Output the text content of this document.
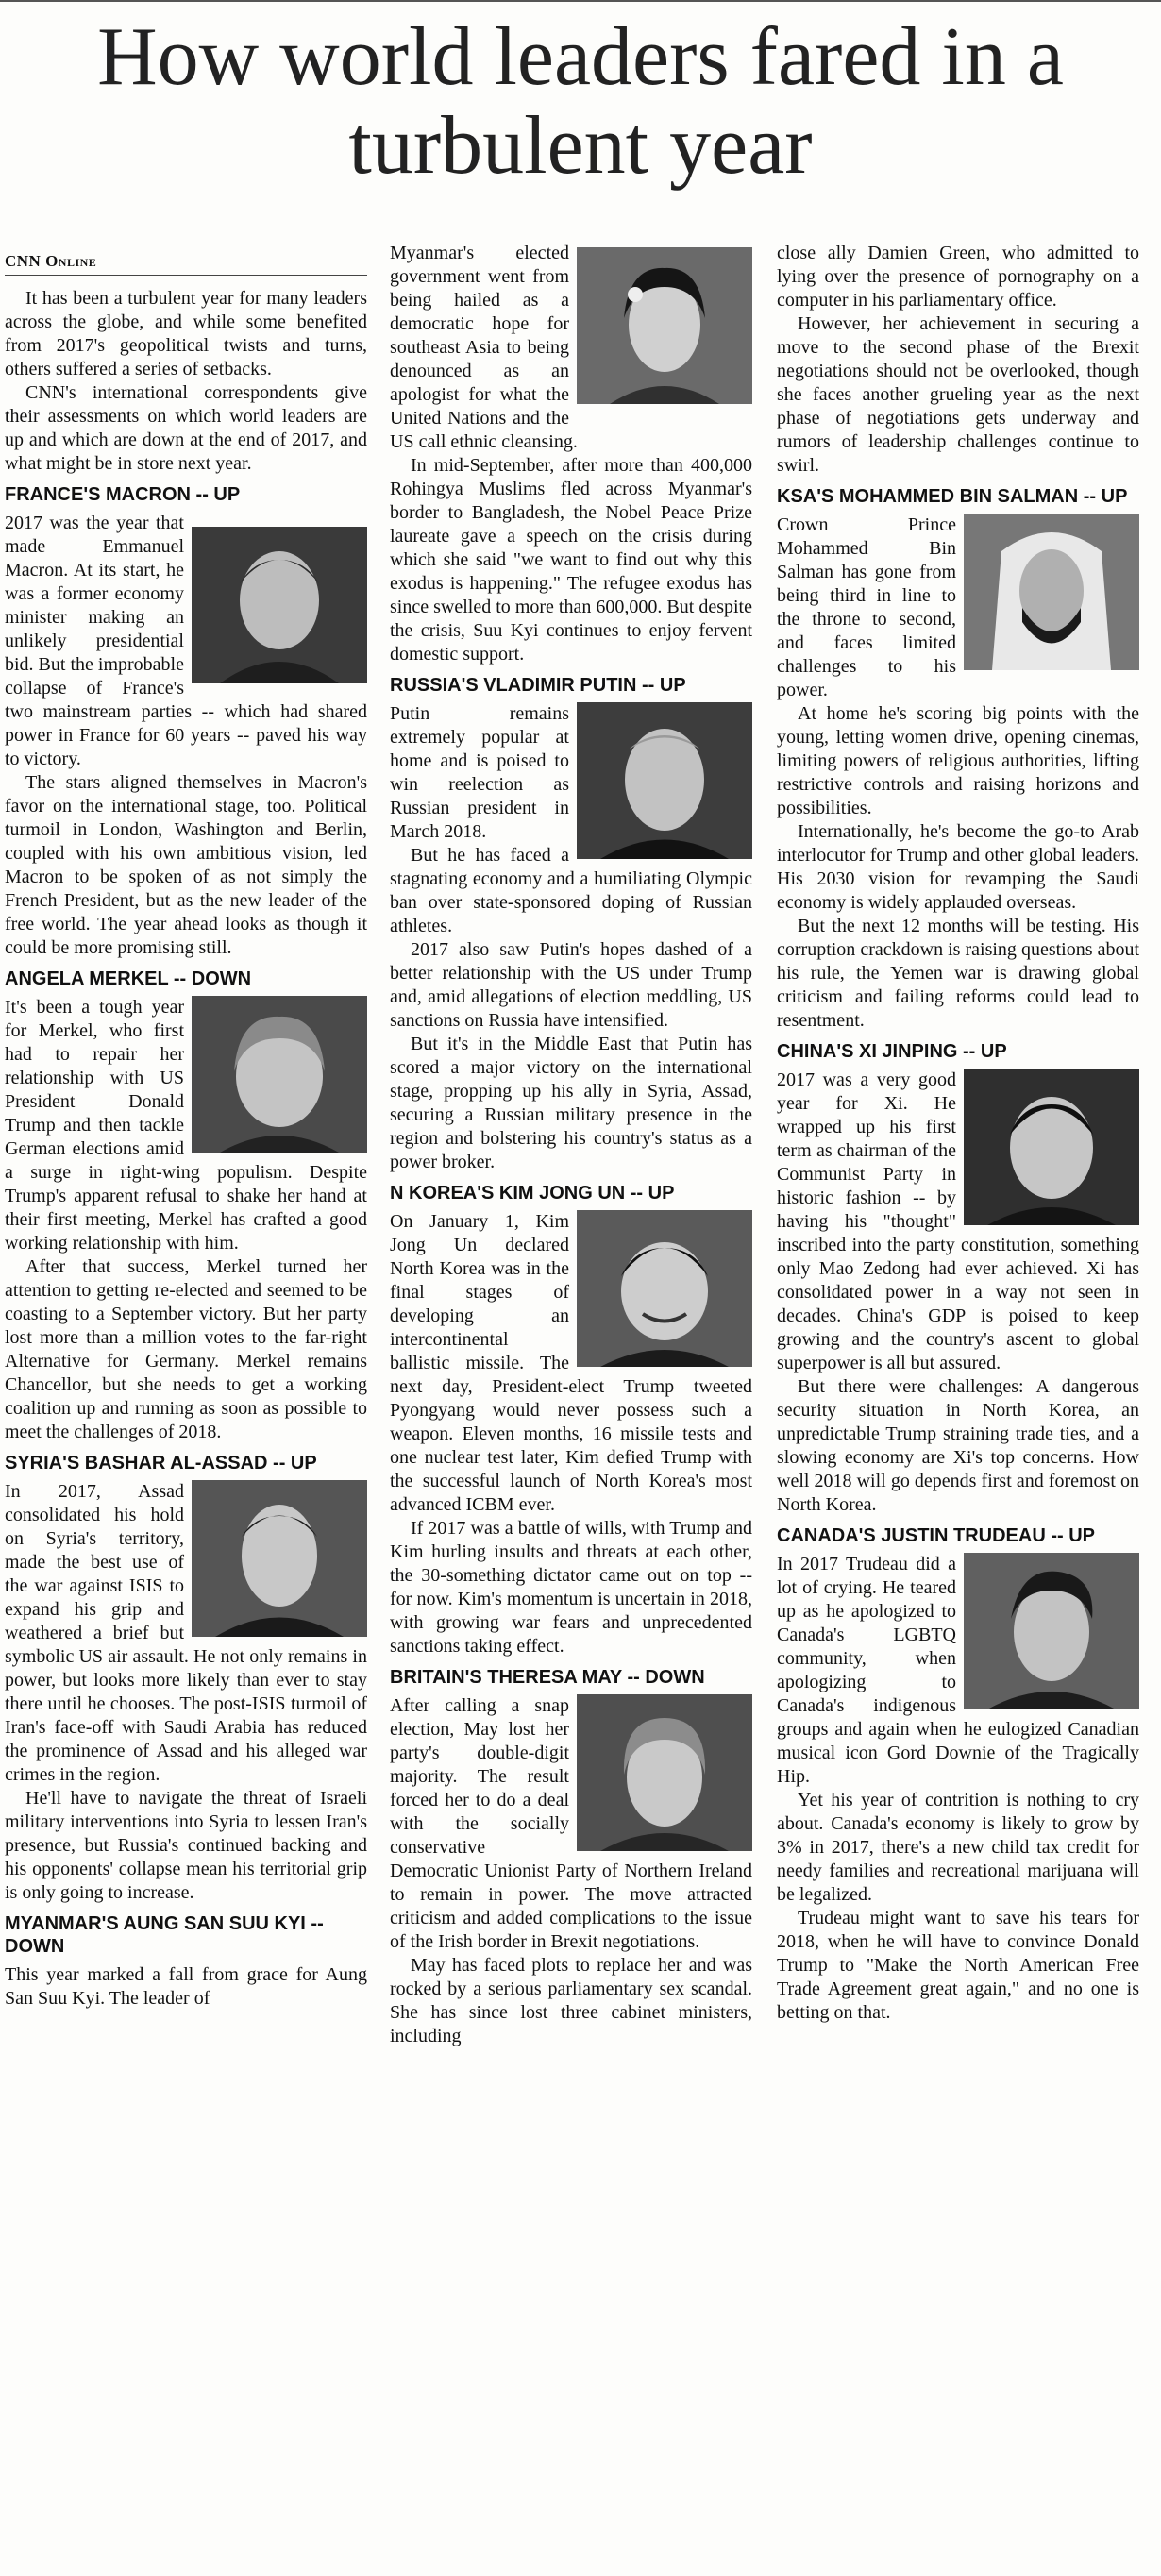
How world leaders fared in a turbulent year
CNN Online

It has been a turbulent year for many leaders across the globe, and while some benefited from 2017's geopolitical twists and turns, others suffered a series of setbacks.

CNN's international correspondents give their assessments on which world leaders are up and which are down at the end of 2017, and what might be in store next year.

FRANCE'S MACRON -- UP

2017 was the year that made Emmanuel Macron. At its start, he was a former economy minister making an unlikely presidential bid. But the improbable collapse of France's two mainstream parties -- which had shared power in France for 60 years -- paved his way to victory.

The stars aligned themselves in Macron's favor on the international stage, too. Political turmoil in London, Washington and Berlin, coupled with his own ambitious vision, led Macron to be spoken of as not simply the French President, but as the new leader of the free world. The year ahead looks as though it could be more promising still.

ANGELA MERKEL -- DOWN

It's been a tough year for Merkel, who first had to repair her relationship with US President Donald Trump and then tackle German elections amid a surge in right-wing populism. Despite Trump's apparent refusal to shake her hand at their first meeting, Merkel has crafted a good working relationship with him.

After that success, Merkel turned her attention to getting re-elected and seemed to be coasting to a September victory. But her party lost more than a million votes to the far-right Alternative for Germany. Merkel remains Chancellor, but she needs to get a working coalition up and running as soon as possible to meet the challenges of 2018.

SYRIA'S BASHAR AL-ASSAD -- UP

In 2017, Assad consolidated his hold on Syria's territory, made the best use of the war against ISIS to expand his grip and weathered a brief but symbolic US air assault. He not only remains in power, but looks more likely than ever to stay there until he chooses. The post-ISIS turmoil of Iran's face-off with Saudi Arabia has reduced the prominence of Assad and his alleged war crimes in the region.

He'll have to navigate the threat of Israeli military interventions into Syria to lessen Iran's presence, but Russia's continued backing and his opponents' collapse mean his territorial grip is only going to increase.

MYANMAR'S AUNG SAN SUU KYI -- DOWN

This year marked a fall from grace for Aung San Suu Kyi. The leader of

Myanmar's elected government went from being hailed as a democratic hope for southeast Asia to being denounced as an apologist for what the United Nations and the US call ethnic cleansing.

In mid-September, after more than 400,000 Rohingya Muslims fled across Myanmar's border to Bangladesh, the Nobel Peace Prize laureate gave a speech on the crisis during which she said "we want to find out why this exodus is happening." The refugee exodus has since swelled to more than 600,000. But despite the crisis, Suu Kyi continues to enjoy fervent domestic support.

RUSSIA'S VLADIMIR PUTIN -- UP

Putin remains extremely popular at home and is poised to win reelection as Russian president in March 2018.

But he has faced a stagnating economy and a humiliating Olympic ban over state-sponsored doping of Russian athletes.

2017 also saw Putin's hopes dashed of a better relationship with the US under Trump and, amid allegations of election meddling, US sanctions on Russia have intensified.

But it's in the Middle East that Putin has scored a major victory on the international stage, propping up his ally in Syria, Assad, securing a Russian military presence in the region and bolstering his country's status as a power broker.

N KOREA'S KIM JONG UN -- UP

On January 1, Kim Jong Un declared North Korea was in the final stages of developing an intercontinental ballistic missile. The next day, President-elect Trump tweeted Pyongyang would never possess such a weapon. Eleven months, 16 missile tests and one nuclear test later, Kim defied Trump with the successful launch of North Korea's most advanced ICBM ever.

If 2017 was a battle of wills, with Trump and Kim hurling insults and threats at each other, the 30-something dictator came out on top -- for now. Kim's momentum is uncertain in 2018, with growing war fears and unprecedented sanctions taking effect.

BRITAIN'S THERESA MAY -- DOWN

After calling a snap election, May lost her party's double-digit majority. The result forced her to do a deal with the socially conservative Democratic Unionist Party of Northern Ireland to remain in power. The move attracted criticism and added complications to the issue of the Irish border in Brexit negotiations.

May has faced plots to replace her and was rocked by a serious parliamentary sex scandal. She has since lost three cabinet ministers, including

close ally Damien Green, who admitted to lying over the presence of pornography on a computer in his parliamentary office.

However, her achievement in securing a move to the second phase of the Brexit negotiations should not be overlooked, though she faces another grueling year as the next phase of negotiations gets underway and rumors of leadership challenges continue to swirl.

KSA'S MOHAMMED BIN SALMAN -- UP

Crown Prince Mohammed Bin Salman has gone from being third in line to the throne to second, and faces limited challenges to his power.

At home he's scoring big points with the young, letting women drive, opening cinemas, limiting powers of religious authorities, lifting restrictive controls and raising horizons and possibilities.

Internationally, he's become the go-to Arab interlocutor for Trump and other global leaders. His 2030 vision for revamping the Saudi economy is widely applauded overseas.

But the next 12 months will be testing. His corruption crackdown is raising questions about his rule, the Yemen war is drawing global criticism and failing reforms could lead to resentment.

CHINA'S XI JINPING -- UP

2017 was a very good year for Xi. He wrapped up his first term as chairman of the Communist Party in historic fashion -- by having his "thought" inscribed into the party constitution, something only Mao Zedong had ever achieved. Xi has consolidated power in a way not seen in decades. China's GDP is poised to keep growing and the country's ascent to global superpower is all but assured.

But there were challenges: A dangerous security situation in North Korea, an unpredictable Trump straining trade ties, and a slowing economy are Xi's top concerns. How well 2018 will go depends first and foremost on North Korea.

CANADA'S JUSTIN TRUDEAU -- UP

In 2017 Trudeau did a lot of crying. He teared up as he apologized to Canada's LGBTQ community, when apologizing to Canada's indigenous groups and again when he eulogized Canadian musical icon Gord Downie of the Tragically Hip.

Yet his year of contrition is nothing to cry about. Canada's economy is likely to grow by 3% in 2017, there's a new child tax credit for needy families and recreational marijuana will be legalized.

Trudeau might want to save his tears for 2018, when he will have to convince Donald Trump to "Make the North American Free Trade Agreement great again," and no one is betting on that.
